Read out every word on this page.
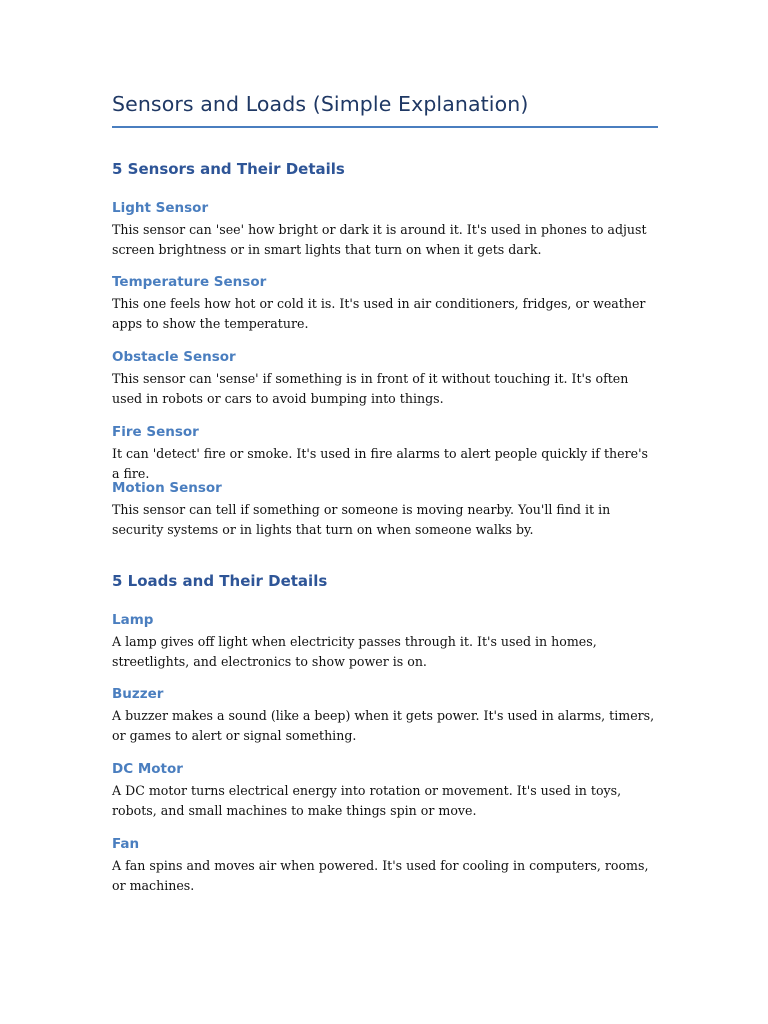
Sensors and Loads (Simple Explanation)
5 Sensors and Their Details
Light Sensor

This sensor can 'see' how bright or dark it is around it. It's used in phones to adjust screen brightness or in smart lights that turn on when it gets dark.

Temperature Sensor

This one feels how hot or cold it is. It's used in air conditioners, fridges, or weather apps to show the temperature.

Obstacle Sensor

This sensor can 'sense' if something is in front of it without touching it. It's often used in robots or cars to avoid bumping into things.

Fire Sensor

It can 'detect' fire or smoke. It's used in fire alarms to alert people quickly if there's a fire.

Motion Sensor

This sensor can tell if something or someone is moving nearby. You'll find it in security systems or in lights that turn on when someone walks by.

5 Loads and Their Details
Lamp

A lamp gives off light when electricity passes through it. It's used in homes, streetlights, and electronics to show power is on.

Buzzer

A buzzer makes a sound (like a beep) when it gets power. It's used in alarms, timers, or games to alert or signal something.

DC Motor

A DC motor turns electrical energy into rotation or movement. It's used in toys, robots, and small machines to make things spin or move.

Fan

A fan spins and moves air when powered. It's used for cooling in computers, rooms, or machines.
